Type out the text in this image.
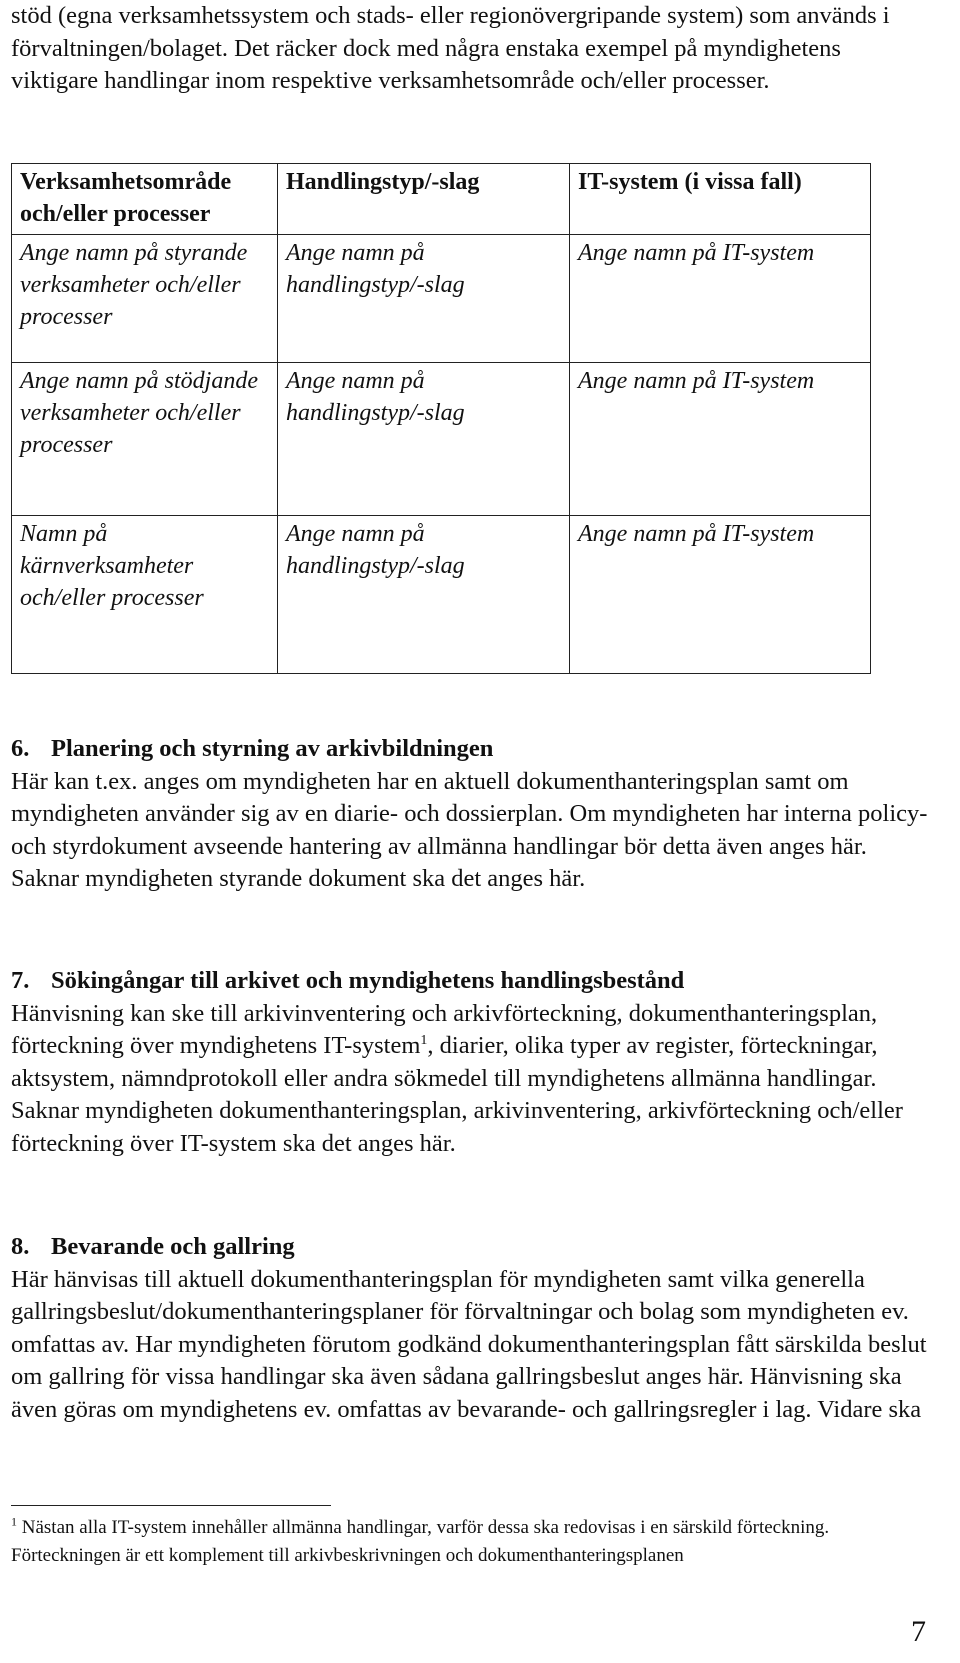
stöd (egna verksamhetssystem och stads- eller regionövergripande system) som används i förvaltningen/bolaget. Det räcker dock med några enstaka exempel på myndighetens viktigare handlingar inom respektive verksamhetsområde och/eller processer.

Verksamhetsområde och/eller processer	Handlingstyp/-slag	IT-system (i vissa fall)
Ange namn på styrande verksamheter och/eller processer	Ange namn på handlingstyp/-slag	Ange namn på IT-system
Ange namn på stödjande verksamheter och/eller processer	Ange namn på handlingstyp/-slag	Ange namn på IT-system
Namn på kärnverksamheter och/eller processer	Ange namn på handlingstyp/-slag	Ange namn på IT-system

6. Planering och styrning av arkivbildningen

Här kan t.ex. anges om myndigheten har en aktuell dokumenthanteringsplan samt om myndigheten använder sig av en diarie- och dossierplan. Om myndigheten har interna policy- och styrdokument avseende hantering av allmänna handlingar bör detta även anges här. Saknar myndigheten styrande dokument ska det anges här.

7. Sökingångar till arkivet och myndighetens handlingsbestånd

Hänvisning kan ske till arkivinventering och arkivförteckning, dokumenthanteringsplan, förteckning över myndighetens IT-system$^1$, diarier, olika typer av register, förteckningar, aktsystem, nämndprotokoll eller andra sökmedel till myndighetens allmänna handlingar. Saknar myndigheten dokumenthanteringsplan, arkivinventering, arkivförteckning och/eller förteckning över IT-system ska det anges här.

8. Bevarande och gallring

Här hänvisas till aktuell dokumenthanteringsplan för myndigheten samt vilka generella gallringsbeslut/dokumenthanteringsplaner för förvaltningar och bolag som myndigheten ev. omfattas av. Har myndigheten förutom godkänd dokumenthanteringsplan fått särskilda beslut om gallring för vissa handlingar ska även sådana gallringsbeslut anges här. Hänvisning ska även göras om myndighetens ev. omfattas av bevarande- och gallringsregler i lag. Vidare ska

$^1$ Nästan alla IT-system innehåller allmänna handlingar, varför dessa ska redovisas i en särskild förteckning. Förteckningen är ett komplement till arkivbeskrivningen och dokumenthanteringsplanen

7
